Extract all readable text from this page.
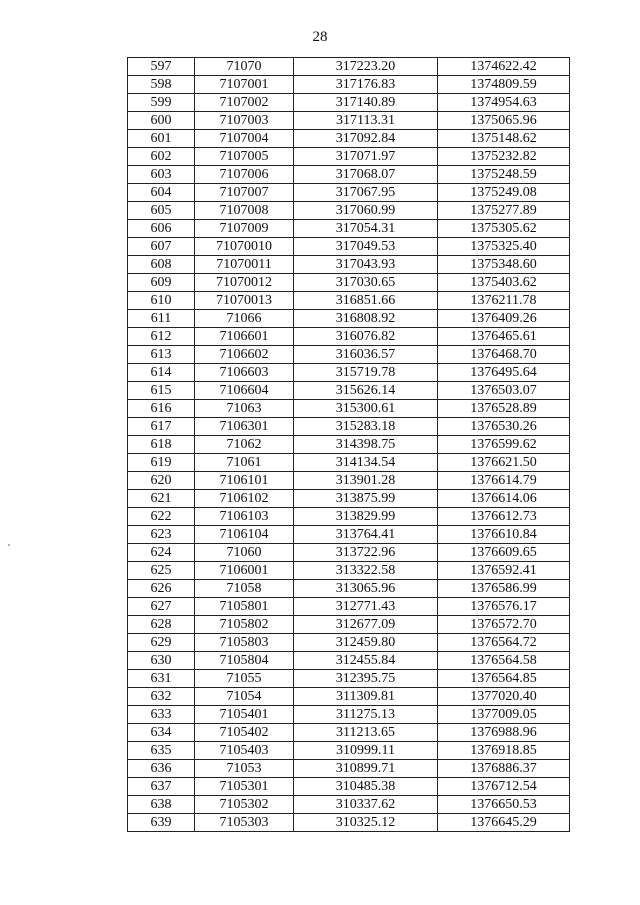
28
597	71070	317223.20	1374622.42
598	7107001	317176.83	1374809.59
599	7107002	317140.89	1374954.63
600	7107003	317113.31	1375065.96
601	7107004	317092.84	1375148.62
602	7107005	317071.97	1375232.82
603	7107006	317068.07	1375248.59
604	7107007	317067.95	1375249.08
605	7107008	317060.99	1375277.89
606	7107009	317054.31	1375305.62
607	71070010	317049.53	1375325.40
608	71070011	317043.93	1375348.60
609	71070012	317030.65	1375403.62
610	71070013	316851.66	1376211.78
611	71066	316808.92	1376409.26
612	7106601	316076.82	1376465.61
613	7106602	316036.57	1376468.70
614	7106603	315719.78	1376495.64
615	7106604	315626.14	1376503.07
616	71063	315300.61	1376528.89
617	7106301	315283.18	1376530.26
618	71062	314398.75	1376599.62
619	71061	314134.54	1376621.50
620	7106101	313901.28	1376614.79
621	7106102	313875.99	1376614.06
622	7106103	313829.99	1376612.73
623	7106104	313764.41	1376610.84
624	71060	313722.96	1376609.65
625	7106001	313322.58	1376592.41
626	71058	313065.96	1376586.99
627	7105801	312771.43	1376576.17
628	7105802	312677.09	1376572.70
629	7105803	312459.80	1376564.72
630	7105804	312455.84	1376564.58
631	71055	312395.75	1376564.85
632	71054	311309.81	1377020.40
633	7105401	311275.13	1377009.05
634	7105402	311213.65	1376988.96
635	7105403	310999.11	1376918.85
636	71053	310899.71	1376886.37
637	7105301	310485.38	1376712.54
638	7105302	310337.62	1376650.53
639	7105303	310325.12	1376645.29
